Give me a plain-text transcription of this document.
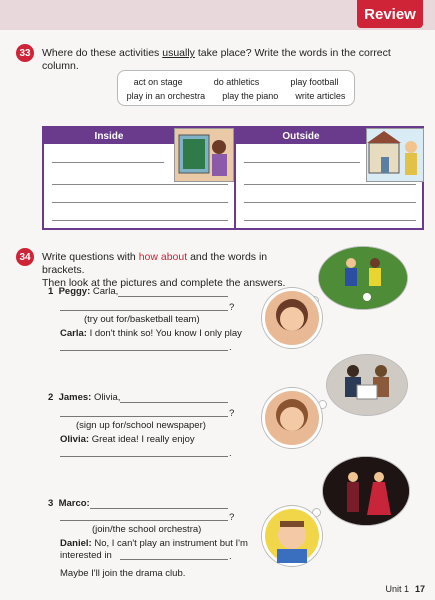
Review
33	Where do these activities usually take place? Write the words in the correct column.
act on stage	do athletics	play football
play in an orchestra play the piano write articles
Inside	Outside
34	Write questions with how about and the words in brackets.
Then look at the pictures and complete the answers.
1 Peggy: Carla,
?
(try out for/basketball team)
Carla: I don't think so! You know I only play
.
2 James: Olivia,
?
(sign up for/school newspaper)
Olivia: Great idea! I really enjoy
.
3 Marco:
?
(join/the school orchestra)
Daniel: No, I can't play an instrument but I'm
interested in	.
Maybe I'll join the drama club.
Unit 1 17
